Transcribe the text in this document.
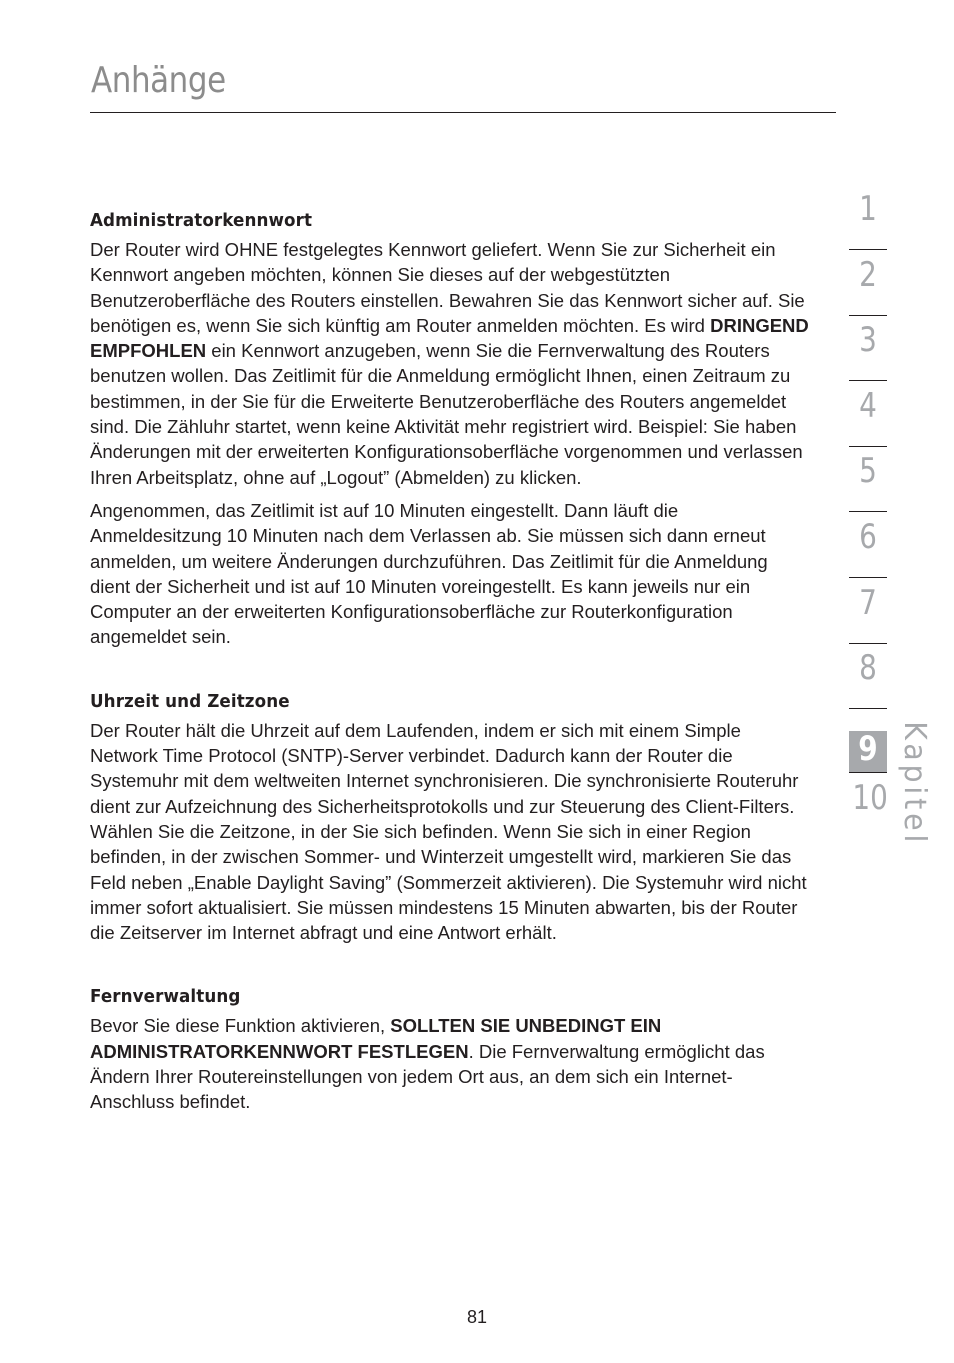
Anhänge
Administratorkennwort

Der Router wird OHNE festgelegtes Kennwort geliefert. Wenn Sie zur Sicherheit ein Kennwort angeben möchten, können Sie dieses auf der webgestützten Benutzeroberfläche des Routers einstellen. Bewahren Sie das Kennwort sicher auf. Sie benötigen es, wenn Sie sich künftig am Router anmelden möchten. Es wird DRINGEND EMPFOHLEN ein Kennwort anzugeben, wenn Sie die Fernverwaltung des Routers benutzen wollen. Das Zeitlimit für die Anmeldung ermöglicht Ihnen, einen Zeitraum zu bestimmen, in der Sie für die Erweiterte Benutzeroberfläche des Routers angemeldet sind. Die Zähluhr startet, wenn keine Aktivität mehr registriert wird. Beispiel: Sie haben Änderungen mit der erweiterten Konfigurationsoberfläche vorgenommen und verlassen Ihren Arbeitsplatz, ohne auf „Logout” (Abmelden) zu klicken.

Angenommen, das Zeitlimit ist auf 10 Minuten eingestellt. Dann läuft die Anmeldesitzung 10 Minuten nach dem Verlassen ab. Sie müssen sich dann erneut anmelden, um weitere Änderungen durchzuführen. Das Zeitlimit für die Anmeldung dient der Sicherheit und ist auf 10 Minuten voreingestellt. Es kann jeweils nur ein Computer an der erweiterten Konfigurationsoberfläche zur Routerkonfiguration angemeldet sein.

Uhrzeit und Zeitzone

Der Router hält die Uhrzeit auf dem Laufenden, indem er sich mit einem Simple Network Time Protocol (SNTP)-Server verbindet. Dadurch kann der Router die Systemuhr mit dem weltweiten Internet synchronisieren. Die synchronisierte Routeruhr dient zur Aufzeichnung des Sicherheitsprotokolls und zur Steuerung des Client-Filters. Wählen Sie die Zeitzone, in der Sie sich befinden. Wenn Sie sich in einer Region befinden, in der zwischen Sommer- und Winterzeit umgestellt wird, markieren Sie das Feld neben „Enable Daylight Saving” (Sommerzeit aktivieren). Die Systemuhr wird nicht immer sofort aktualisiert. Sie müssen mindestens 15 Minuten abwarten, bis der Router die Zeitserver im Internet abfragt und eine Antwort erhält.

Fernverwaltung

Bevor Sie diese Funktion aktivieren, SOLLTEN SIE UNBEDINGT EIN ADMINISTRATORKENNWORT FESTLEGEN. Die Fernverwaltung ermöglicht das Ändern Ihrer Routereinstellungen von jedem Ort aus, an dem sich ein Internet-Anschluss befindet.

1
2
3
4
5
6
7
8
9
10 Kapitel
81
